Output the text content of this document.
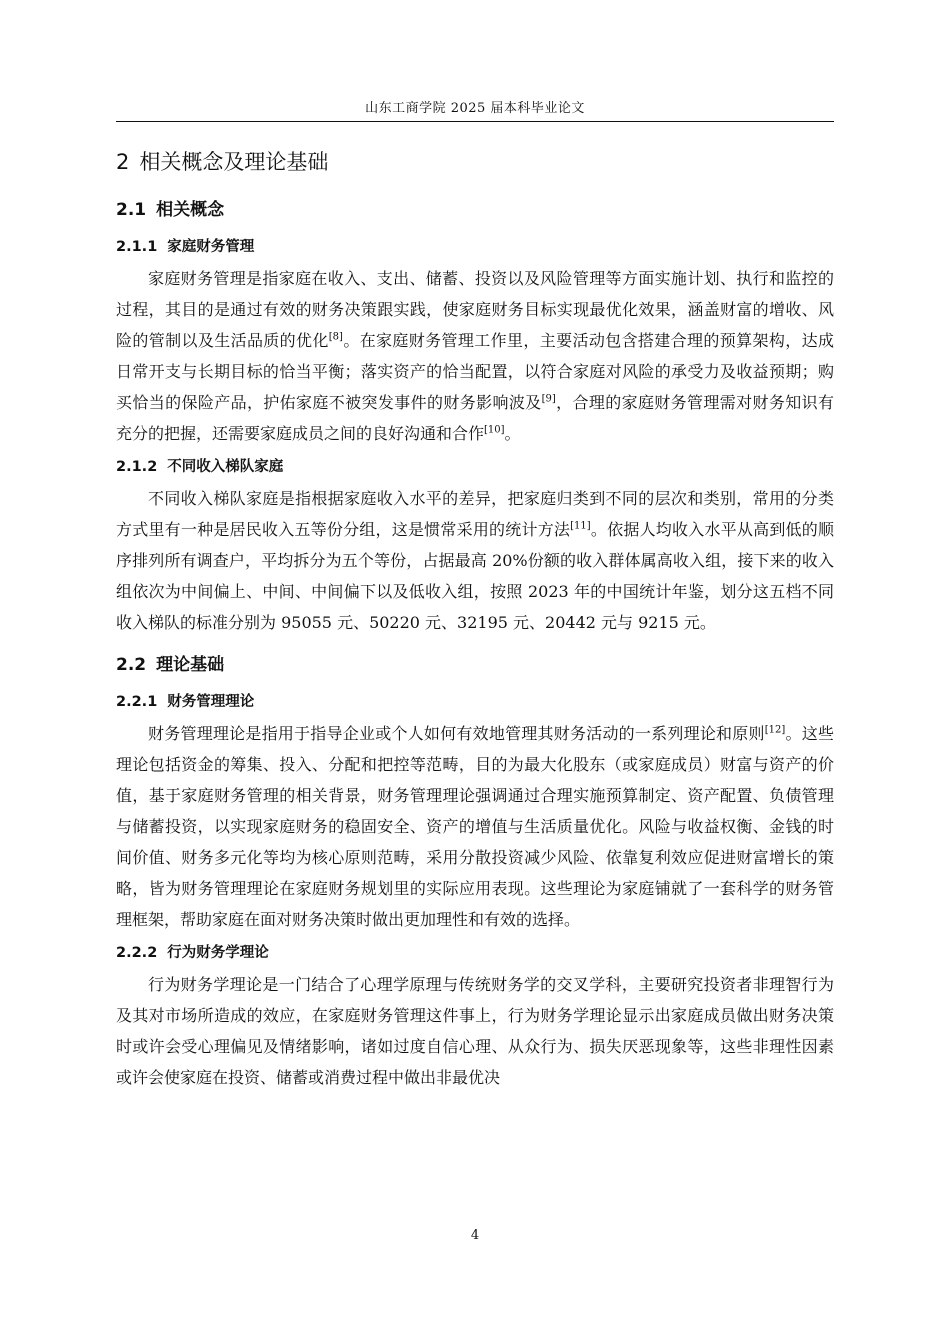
山东工商学院 2025 届本科毕业论文
2 相关概念及理论基础
2.1 相关概念
2.1.1 家庭财务管理

家庭财务管理是指家庭在收入、支出、储蓄、投资以及风险管理等方面实施计划、执行和监控的过程，其目的是通过有效的财务决策跟实践，使家庭财务目标实现最优化效果，涵盖财富的增收、风险的管制以及生活品质的优化[8]。在家庭财务管理工作里，主要活动包含搭建合理的预算架构，达成日常开支与长期目标的恰当平衡；落实资产的恰当配置，以符合家庭对风险的承受力及收益预期；购买恰当的保险产品，护佑家庭不被突发事件的财务影响波及[9]，合理的家庭财务管理需对财务知识有充分的把握，还需要家庭成员之间的良好沟通和合作[10]。

2.1.2 不同收入梯队家庭

不同收入梯队家庭是指根据家庭收入水平的差异，把家庭归类到不同的层次和类别，常用的分类方式里有一种是居民收入五等份分组，这是惯常采用的统计方法[11]。依据人均收入水平从高到低的顺序排列所有调查户，平均拆分为五个等份，占据最高 20%份额的收入群体属高收入组，接下来的收入组依次为中间偏上、中间、中间偏下以及低收入组，按照 2023 年的中国统计年鉴，划分这五档不同收入梯队的标准分别为 95055 元、50220 元、32195 元、20442 元与 9215 元。

2.2 理论基础
2.2.1 财务管理理论

财务管理理论是指用于指导企业或个人如何有效地管理其财务活动的一系列理论和原则[12]。这些理论包括资金的筹集、投入、分配和把控等范畴，目的为最大化股东（或家庭成员）财富与资产的价值，基于家庭财务管理的相关背景，财务管理理论强调通过合理实施预算制定、资产配置、负债管理与储蓄投资，以实现家庭财务的稳固安全、资产的增值与生活质量优化。风险与收益权衡、金钱的时间价值、财务多元化等均为核心原则范畴，采用分散投资减少风险、依靠复利效应促进财富增长的策略，皆为财务管理理论在家庭财务规划里的实际应用表现。这些理论为家庭铺就了一套科学的财务管理框架，帮助家庭在面对财务决策时做出更加理性和有效的选择。

2.2.2 行为财务学理论

行为财务学理论是一门结合了心理学原理与传统财务学的交叉学科，主要研究投资者非理智行为及其对市场所造成的效应，在家庭财务管理这件事上，行为财务学理论显示出家庭成员做出财务决策时或许会受心理偏见及情绪影响，诸如过度自信心理、从众行为、损失厌恶现象等，这些非理性因素或许会使家庭在投资、储蓄或消费过程中做出非最优决

4
